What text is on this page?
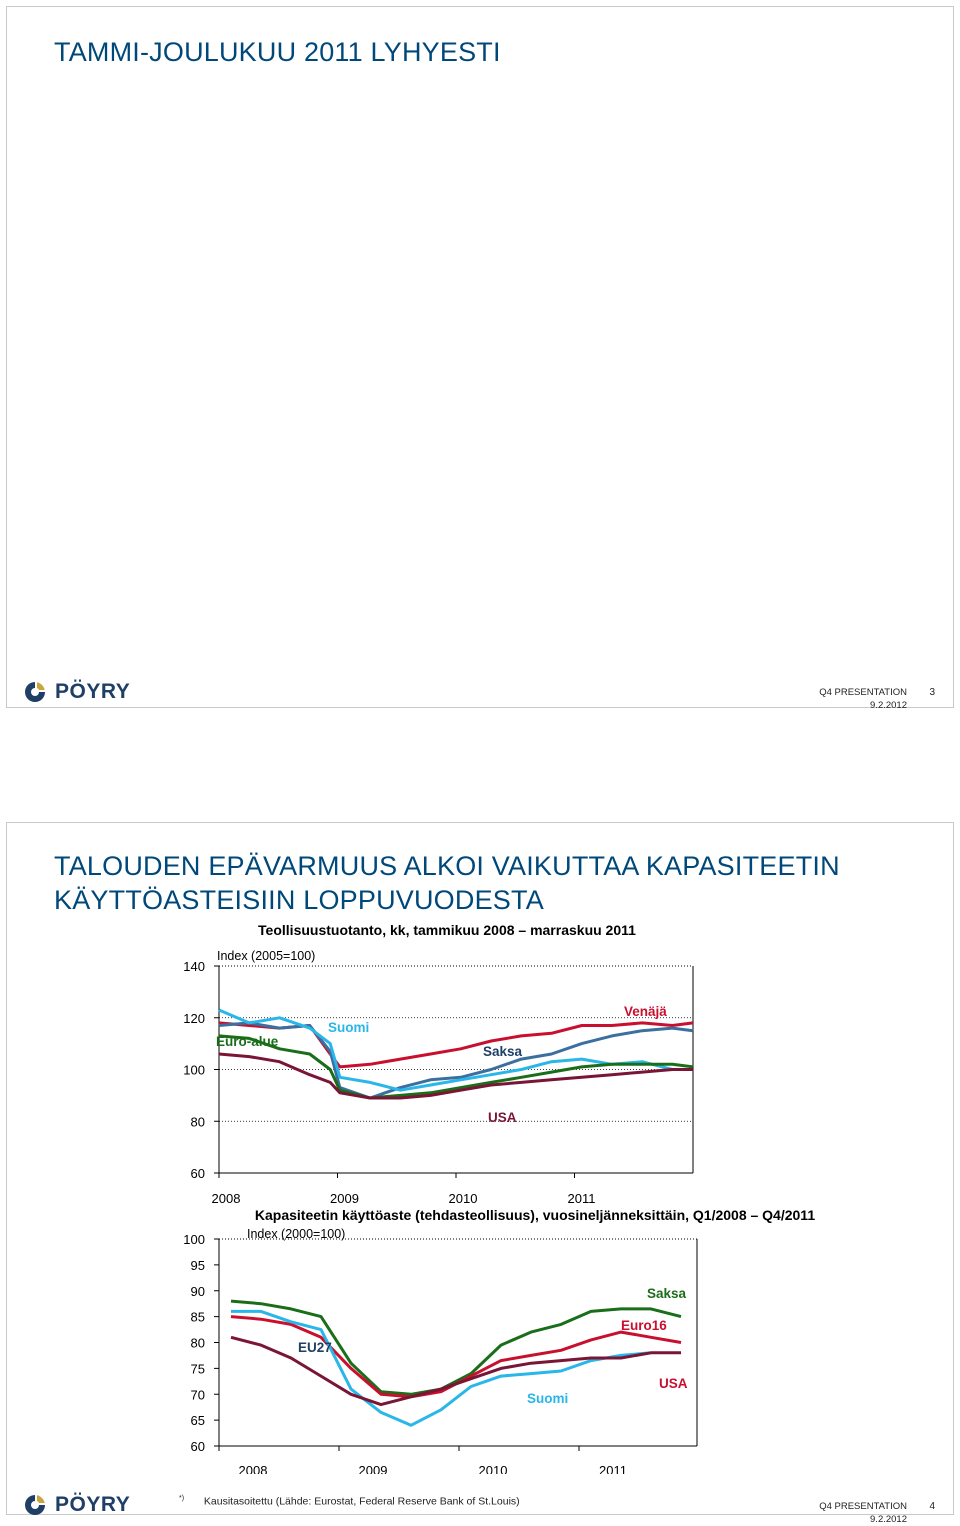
TAMMI-JOULUKUU 2011 LYHYESTI
PÖYRY	Q4 PRESENTATION
9.2.2012
3
TALOUDEN EPÄVARMUUS ALKOI VAIKUTTAA KAPASITEETIN
KÄYTTÖASTEISIIN LOPPUVUODESTA
Teollisuustuotanto, kk, tammikuu 2008 – marraskuu 2011
Index (2005=100)
60
80
100
120
140
2008	2009	2010	2011
Euro-alue
Suomi
Saksa
Venäjä
USA
Kapasiteetin käyttöaste (tehdasteollisuus), vuosineljänneksittäin, Q1/2008 – Q4/2011
Index (2000=100)
60
65
70
75
80
85
90
95
100
2008	2009	2010	2011
Saksa
Euro16
EU27
USA
Suomi
PÖYRY	*) Kausitasoitettu (Lähde: Eurostat, Federal Reserve Bank of St.Louis)	Q4 PRESENTATION
9.2.2012
4
